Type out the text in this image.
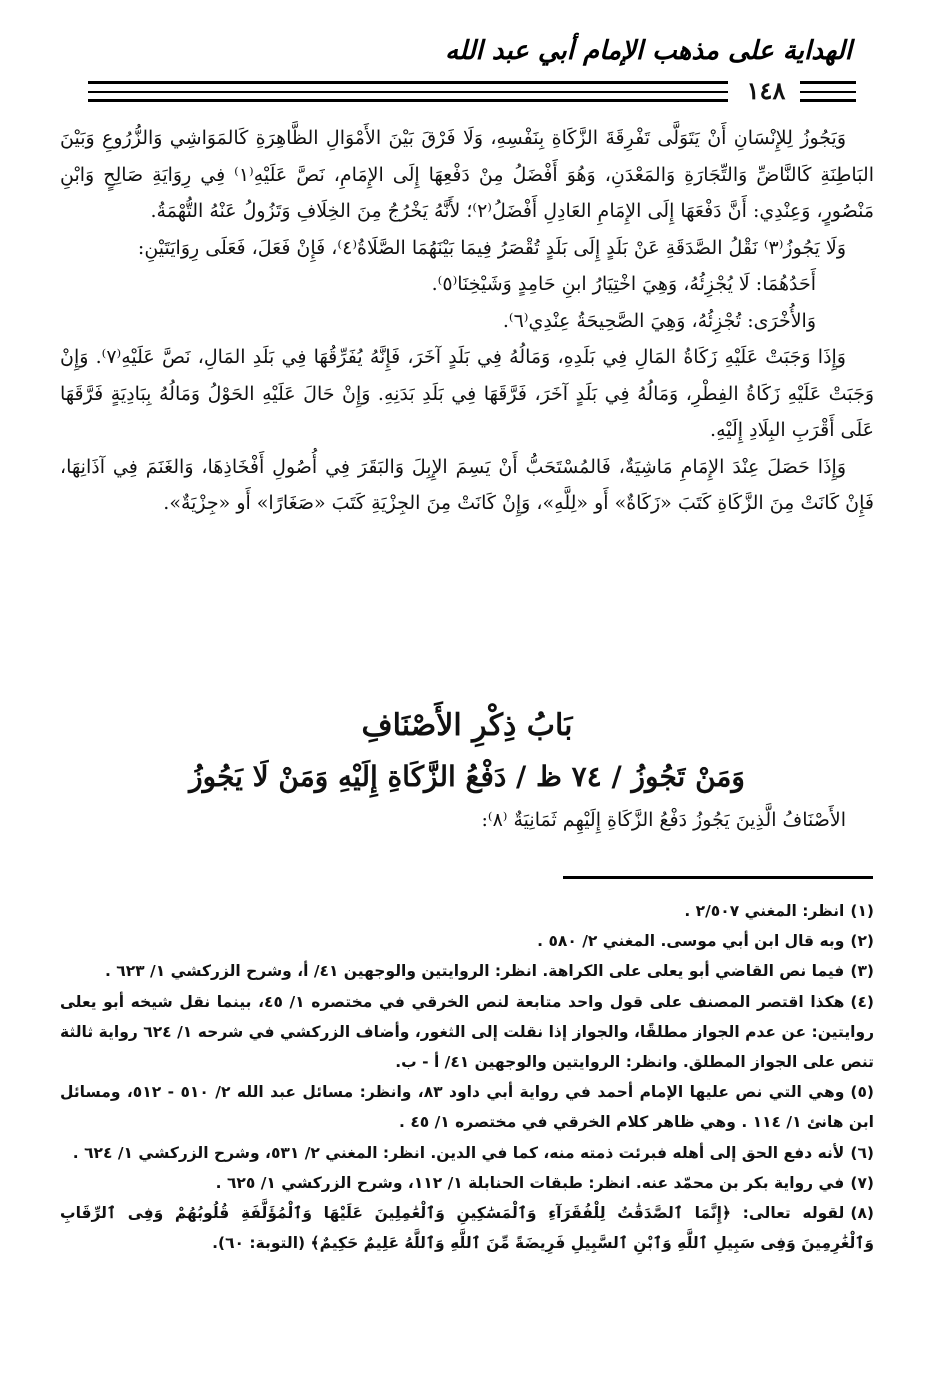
الهداية على مذهب الإمام أبي عبد الله
١٤٨

وَيَجُوزُ لِلإِنْسَانِ أَنْ يَتَوَلَّى تَفْرِقَةَ الزَّكَاةِ بِنَفْسِهِ، وَلَا فَرْقَ بَيْنَ الأَمْوَالِ الظَّاهِرَةِ كَالمَوَاشِي وَالزُّرُوعِ وَبَيْنَ البَاطِنَةِ كَالنَّاضِّ وَالتِّجَارَةِ وَالمَعْدَنِ، وَهُوَ أَفْضَلُ مِنْ دَفْعِهَا إِلَى الإِمَامِ، نَصَّ عَلَيْهِ⁽١⁾ فِي رِوَايَةِ صَالِحٍ وَابْنِ مَنْصُورٍ، وَعِنْدِي: أَنَّ دَفْعَهَا إِلَى الإِمَامِ العَادِلِ أَفْضَلُ⁽٢⁾؛ لأَنَّهُ يَخْرُجُ مِنَ الخِلَافِ وَتَزُولُ عَنْهُ التُّهْمَةُ.

وَلَا يَجُوزُ⁽٣⁾ نَقْلُ الصَّدَقَةِ عَنْ بَلَدٍ إِلَى بَلَدٍ تُقْصَرُ فِيمَا بَيْنَهُمَا الصَّلَاةُ⁽٤⁾، فَإِنْ فَعَلَ، فَعَلَى رِوَايَتَيْنِ:

أَحَدُهُمَا: لَا يُجْزِئُهُ، وَهِيَ اخْتِيَارُ ابنِ حَامِدٍ وَشَيْخِنَا⁽٥⁾.

وَالأُخْرَى: تُجْزِئُهُ، وَهِيَ الصَّحِيحَةُ عِنْدِي⁽٦⁾.

وَإِذَا وَجَبَتْ عَلَيْهِ زَكَاةُ المَالِ فِي بَلَدِهِ، وَمَالُهُ فِي بَلَدٍ آخَرَ، فَإِنَّهُ يُفَرِّقُهَا فِي بَلَدِ المَالِ، نَصَّ عَلَيْهِ⁽٧⁾. وَإِنْ وَجَبَتْ عَلَيْهِ زَكَاةُ الفِطْرِ، وَمَالُهُ فِي بَلَدٍ آخَرَ، فَرَّقَهَا فِي بَلَدِ بَدَنِهِ. وَإِنْ حَالَ عَلَيْهِ الحَوْلُ وَمَالُهُ بِبَادِيَةٍ فَرَّقَهَا عَلَى أَقْرَبِ البِلَادِ إِلَيْهِ.

وَإِذَا حَصَلَ عِنْدَ الإِمَامِ مَاشِيَةٌ، فَالمُسْتَحَبُّ أَنْ يَسِمَ الإِبِلَ وَالبَقَرَ فِي أُصُولِ أَفْخَاذِهَا، وَالغَنَمَ فِي آذَانِهَا، فَإِنْ كَانَتْ مِنَ الزَّكَاةِ كَتَبَ «زَكَاةٌ» أَو «لِلَّهِ»، وَإِنْ كَانَتْ مِنَ الجِزْيَةِ كَتَبَ «صَغَارًا» أَو «جِزْيَةٌ».

بَابُ ذِكْرِ الأَصْنَافِ
وَمَنْ تَجُوزُ / ٧٤ ظ / دَفْعُ الزَّكَاةِ إِلَيْهِ وَمَنْ لَا يَجُوزُ
الأَصْنَافُ الَّذِينَ يَجُوزُ دَفْعُ الزَّكَاةِ إِلَيْهِم ثَمَانِيَةٌ ⁽٨⁾:

(١)انظر: المغني ٢/٥٠٧ .

(٢)وبه قال ابن أبي موسى. المغني ٢/ ٥٨٠ .

(٣)فيما نص القاضي أبو يعلى على الكراهة. انظر: الروايتين والوجهين ٤١/ أ، وشرح الزركشي ١/ ٦٢٣ .

(٤)هكذا اقتصر المصنف على قول واحد متابعة لنص الخرقي في مختصره ١/ ٤٥، بينما نقل شيخه أبو يعلى روايتين: عن عدم الجواز مطلقًا، والجواز إذا نقلت إلى الثغور، وأضاف الزركشي في شرحه ١/ ٦٢٤ رواية ثالثة تنص على الجواز المطلق. وانظر: الروايتين والوجهين ٤١/ أ - ب.

(٥)وهي التي نص عليها الإمام أحمد في رواية أبي داود ٨٣، وانظر: مسائل عبد الله ٢/ ٥١٠ - ٥١٢، ومسائل ابن هانئ ١/ ١١٤ . وهي ظاهر كلام الخرقي في مختصره ١/ ٤٥ .

(٦)لأنه دفع الحق إلى أهله فبرئت ذمته منه، كما في الدين. انظر: المغني ٢/ ٥٣١، وشرح الزركشي ١/ ٦٢٤ .

(٧)في رواية بكر بن محمّد عنه. انظر: طبقات الحنابلة ١/ ١١٢، وشرح الزركشي ١/ ٦٢٥ .

(٨)لقوله تعالى: ﴿إِنَّمَا ٱلصَّدَقَٰتُ لِلْفُقَرَآءِ وَٱلْمَسَٰكِينِ وَٱلْعَٰمِلِينَ عَلَيْهَا وَٱلْمُؤَلَّفَةِ قُلُوبُهُمْ وَفِى ٱلرِّقَابِ وَٱلْغَٰرِمِينَ وَفِى سَبِيلِ ٱللَّهِ وَٱبْنِ ٱلسَّبِيلِ فَرِيضَةً مِّنَ ٱللَّهِ وَٱللَّهُ عَلِيمٌ حَكِيمٌ﴾ (التوبة: ٦٠).
